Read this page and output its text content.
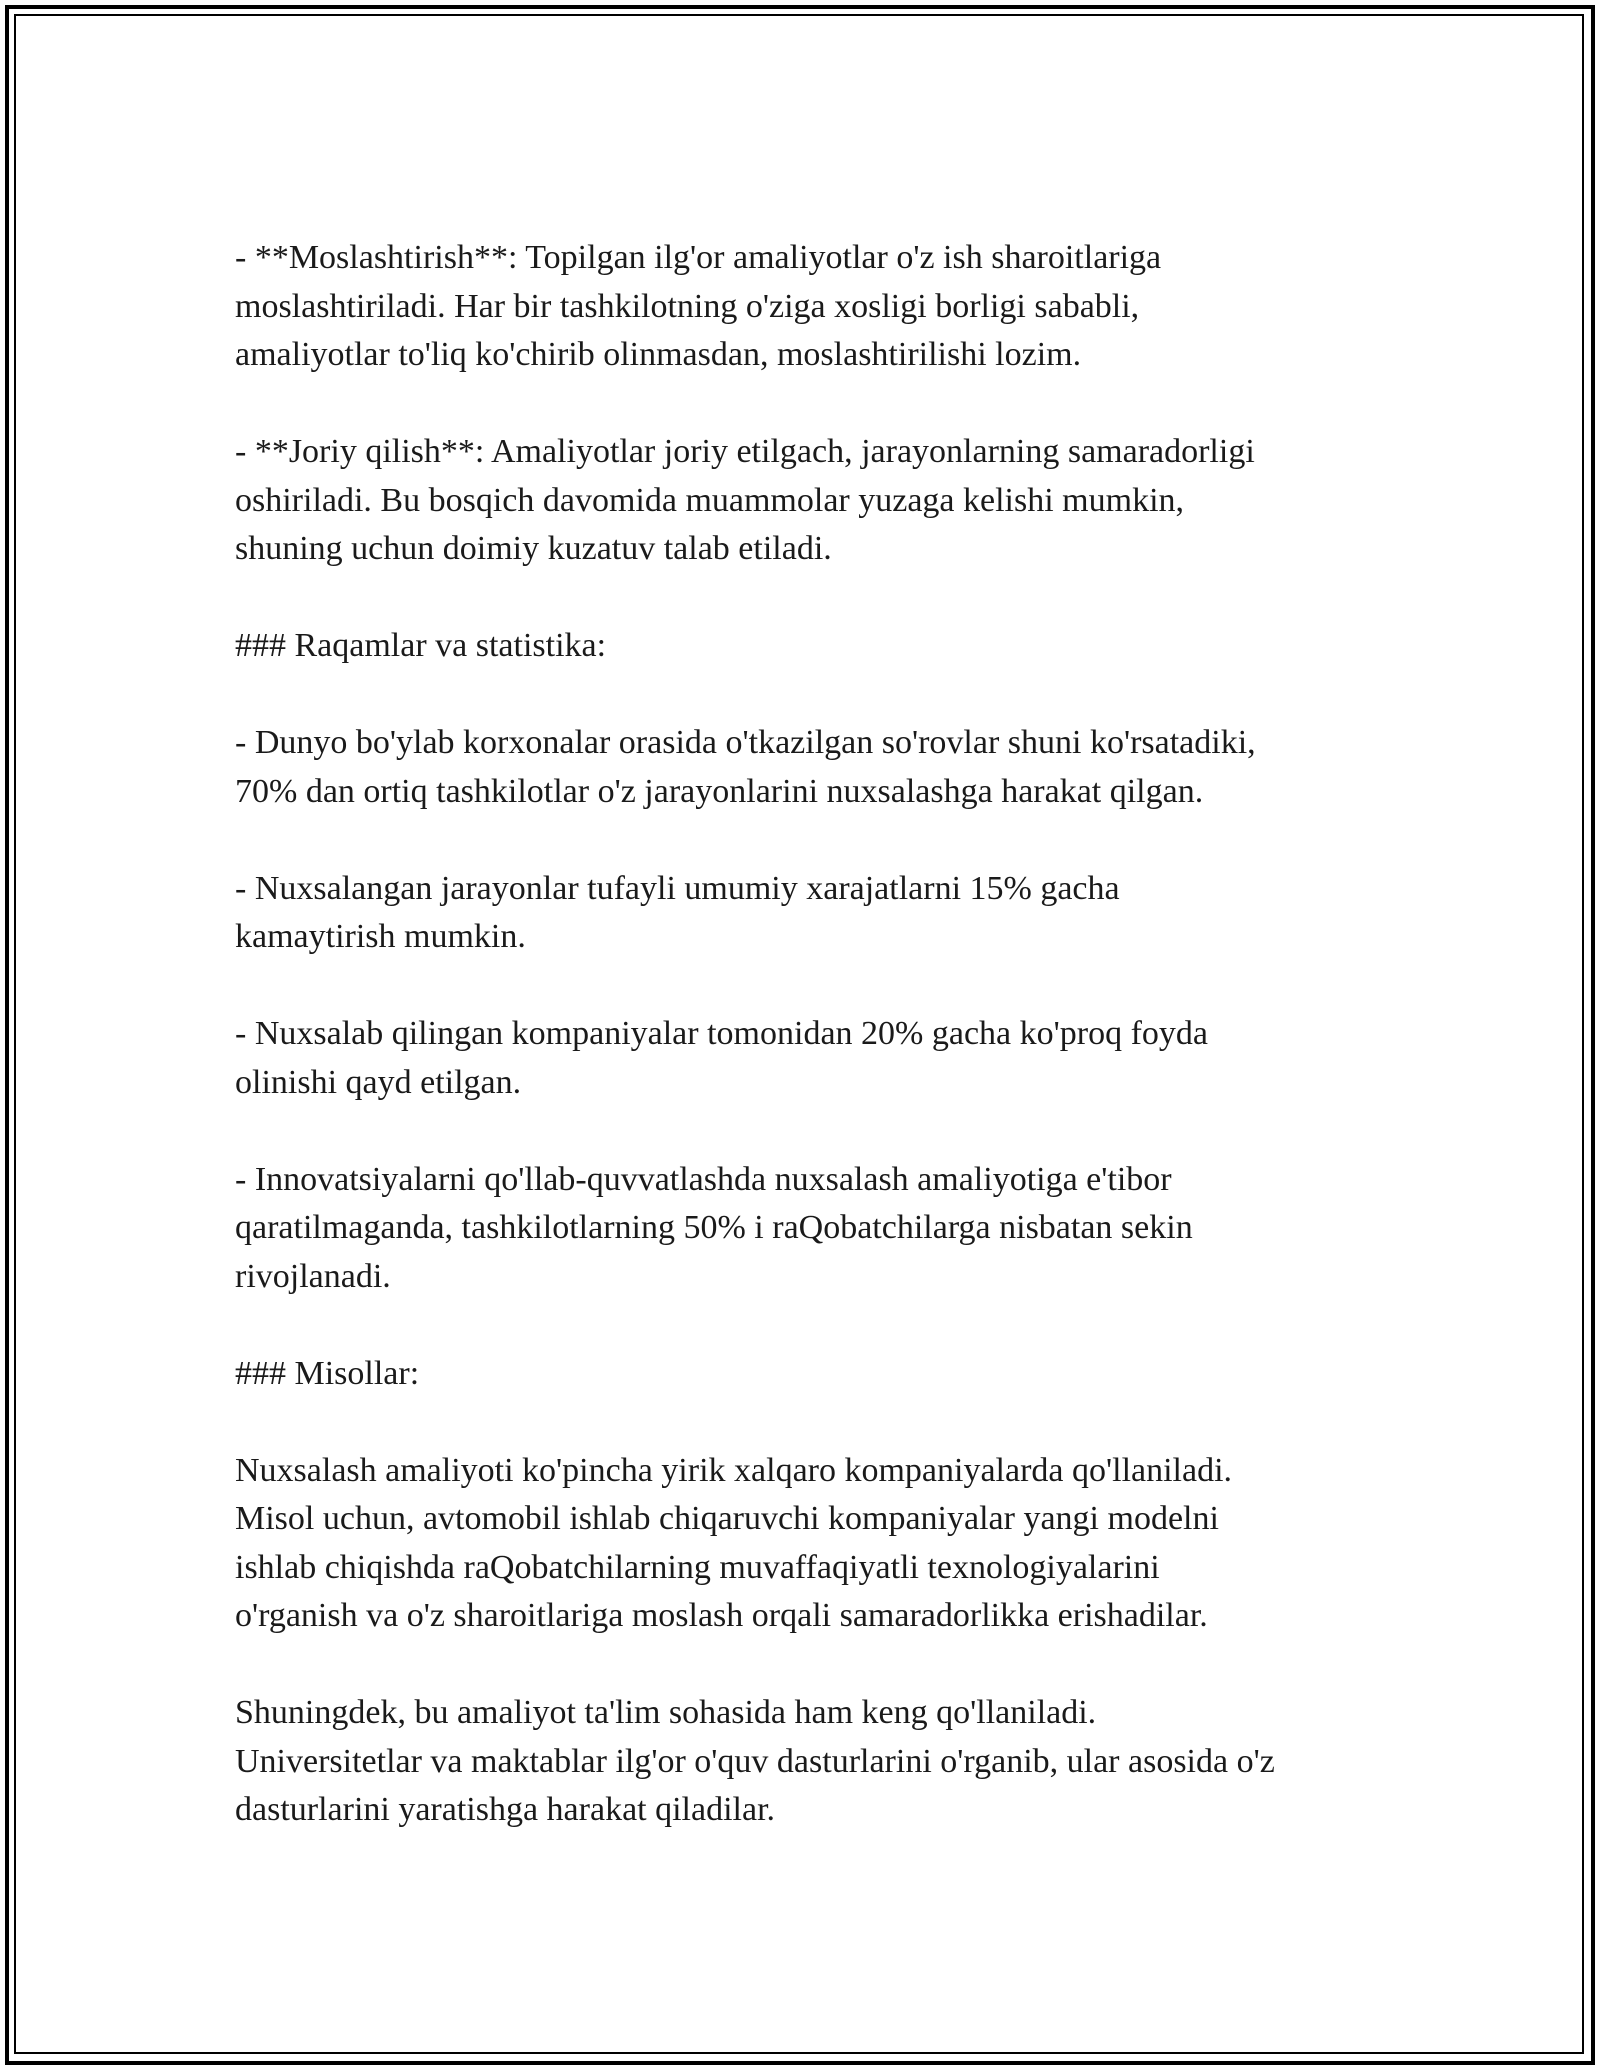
- **Moslashtirish**: Topilgan ilg'or amaliyotlar o'z ish sharoitlariga
moslashtiriladi. Har bir tashkilotning o'ziga xosligi borligi sababli,
amaliyotlar to'liq ko'chirib olinmasdan, moslashtirilishi lozim.
- **Joriy qilish**: Amaliyotlar joriy etilgach, jarayonlarning samaradorligi
oshiriladi. Bu bosqich davomida muammolar yuzaga kelishi mumkin,
shuning uchun doimiy kuzatuv talab etiladi.
### Raqamlar va statistika:
- Dunyo bo'ylab korxonalar orasida o'tkazilgan so'rovlar shuni ko'rsatadiki,
70% dan ortiq tashkilotlar o'z jarayonlarini nuxsalashga harakat qilgan.
- Nuxsalangan jarayonlar tufayli umumiy xarajatlarni 15% gacha
kamaytirish mumkin.
- Nuxsalab qilingan kompaniyalar tomonidan 20% gacha ko'proq foyda
olinishi qayd etilgan.
- Innovatsiyalarni qo'llab-quvvatlashda nuxsalash amaliyotiga e'tibor
qaratilmaganda, tashkilotlarning 50% i raQobatchilarga nisbatan sekin
rivojlanadi.
### Misollar:
Nuxsalash amaliyoti ko'pincha yirik xalqaro kompaniyalarda qo'llaniladi.
Misol uchun, avtomobil ishlab chiqaruvchi kompaniyalar yangi modelni
ishlab chiqishda raQobatchilarning muvaffaqiyatli texnologiyalarini
o'rganish va o'z sharoitlariga moslash orqali samaradorlikka erishadilar.
Shuningdek, bu amaliyot ta'lim sohasida ham keng qo'llaniladi.
Universitetlar va maktablar ilg'or o'quv dasturlarini o'rganib, ular asosida o'z
dasturlarini yaratishga harakat qiladilar.
